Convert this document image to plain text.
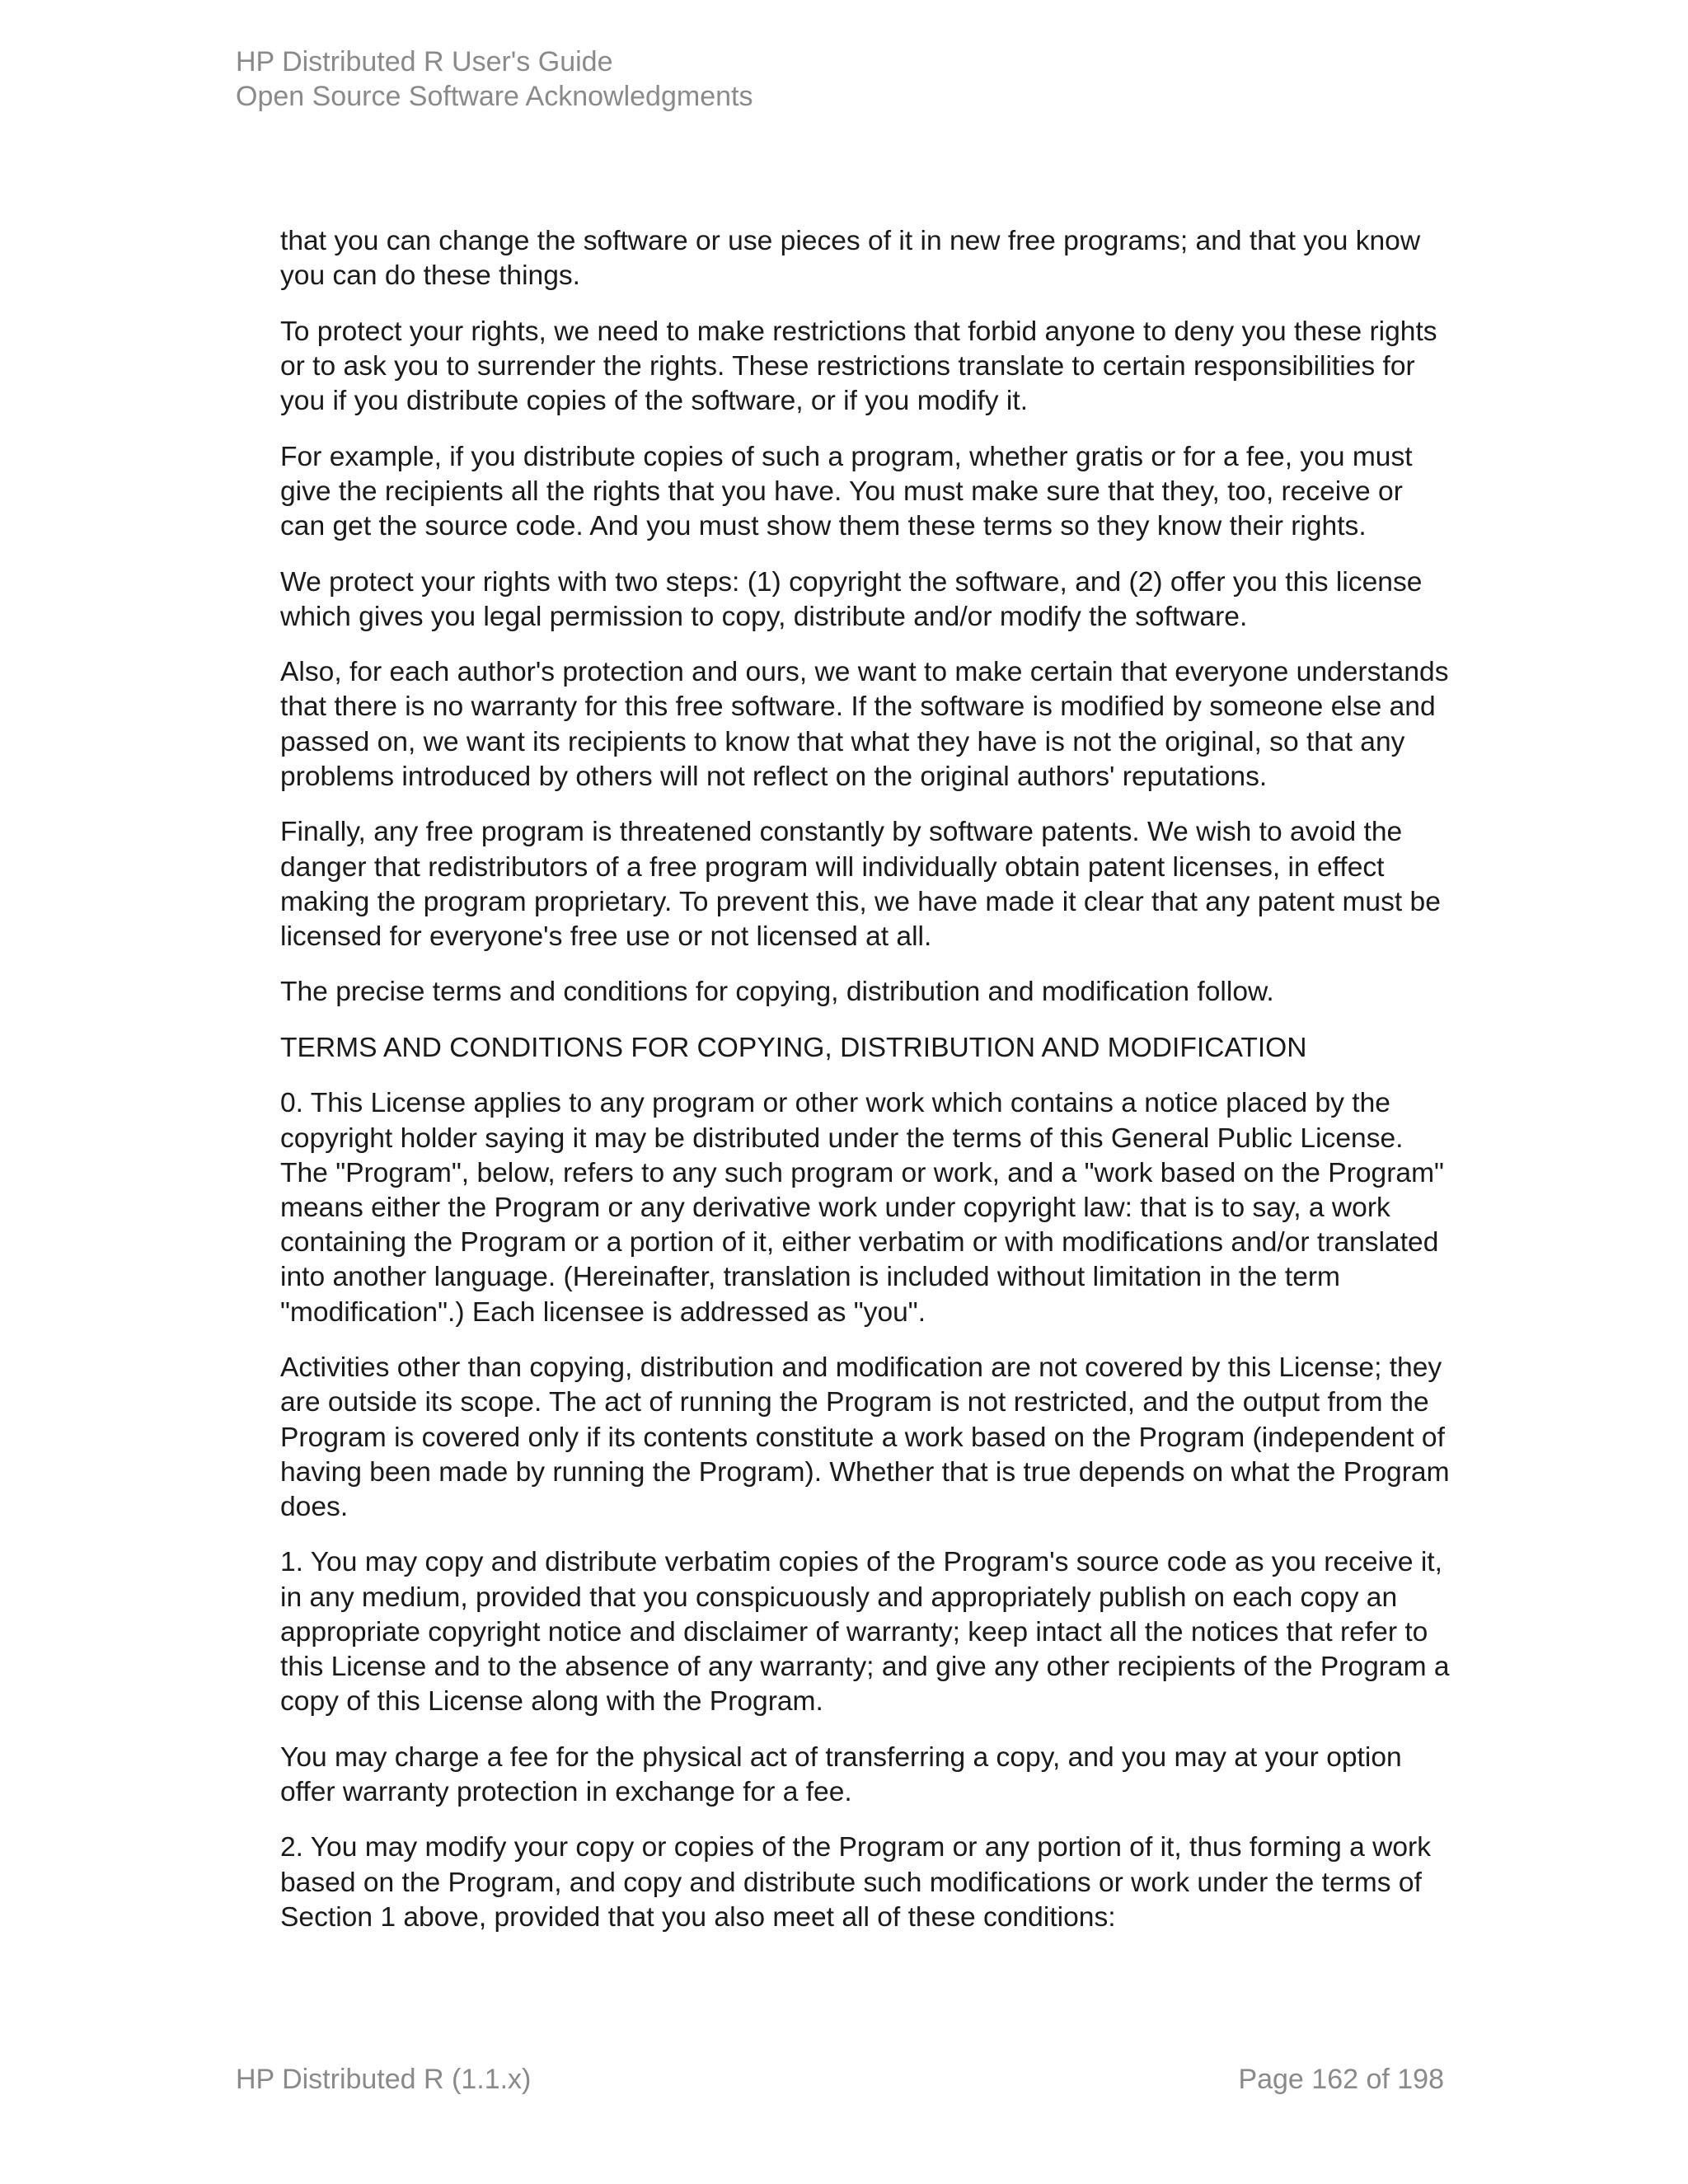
HP Distributed R User's Guide
Open Source Software Acknowledgments

that you can change the software or use pieces of it in new free programs; and that you know you can do these things.

To protect your rights, we need to make restrictions that forbid anyone to deny you these rights or to ask you to surrender the rights. These restrictions translate to certain responsibilities for you if you distribute copies of the software, or if you modify it.

For example, if you distribute copies of such a program, whether gratis or for a fee, you must give the recipients all the rights that you have. You must make sure that they, too, receive or can get the source code. And you must show them these terms so they know their rights.

We protect your rights with two steps: (1) copyright the software, and (2) offer you this license which gives you legal permission to copy, distribute and/or modify the software.

Also, for each author's protection and ours, we want to make certain that everyone understands that there is no warranty for this free software. If the software is modified by someone else and passed on, we want its recipients to know that what they have is not the original, so that any problems introduced by others will not reflect on the original authors' reputations.

Finally, any free program is threatened constantly by software patents. We wish to avoid the danger that redistributors of a free program will individually obtain patent licenses, in effect making the program proprietary. To prevent this, we have made it clear that any patent must be licensed for everyone's free use or not licensed at all.

The precise terms and conditions for copying, distribution and modification follow.

TERMS AND CONDITIONS FOR COPYING, DISTRIBUTION AND MODIFICATION

0. This License applies to any program or other work which contains a notice placed by the copyright holder saying it may be distributed under the terms of this General Public License. The "Program", below, refers to any such program or work, and a "work based on the Program" means either the Program or any derivative work under copyright law: that is to say, a work containing the Program or a portion of it, either verbatim or with modifications and/or translated into another language. (Hereinafter, translation is included without limitation in the term "modification".) Each licensee is addressed as "you".

Activities other than copying, distribution and modification are not covered by this License; they are outside its scope. The act of running the Program is not restricted, and the output from the Program is covered only if its contents constitute a work based on the Program (independent of having been made by running the Program). Whether that is true depends on what the Program does.

1. You may copy and distribute verbatim copies of the Program's source code as you receive it, in any medium, provided that you conspicuously and appropriately publish on each copy an appropriate copyright notice and disclaimer of warranty; keep intact all the notices that refer to this License and to the absence of any warranty; and give any other recipients of the Program a copy of this License along with the Program.

You may charge a fee for the physical act of transferring a copy, and you may at your option offer warranty protection in exchange for a fee.

2. You may modify your copy or copies of the Program or any portion of it, thus forming a work based on the Program, and copy and distribute such modifications or work under the terms of Section 1 above, provided that you also meet all of these conditions:

HP Distributed R (1.1.x)	Page 162 of 198
